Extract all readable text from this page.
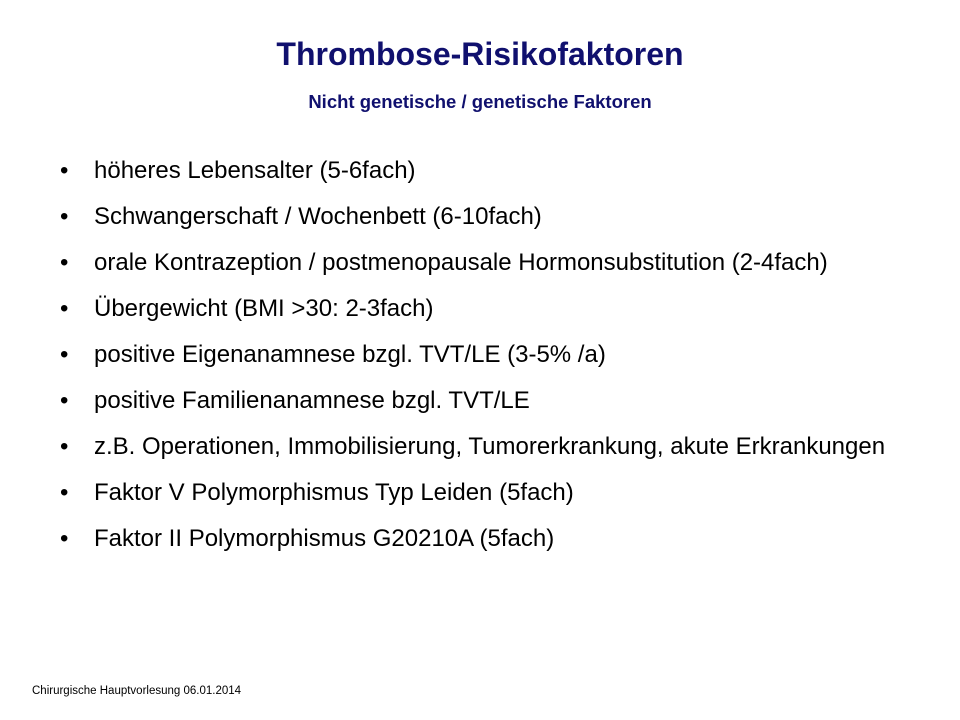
Thrombose-Risikofaktoren
Nicht genetische / genetische Faktoren
•	höheres Lebensalter (5-6fach)
•	Schwangerschaft / Wochenbett (6-10fach)
•	orale Kontrazeption / postmenopausale Hormonsubstitution (2-4fach)
•	Übergewicht (BMI >30: 2-3fach)
•	positive Eigenanamnese bzgl. TVT/LE (3-5% /a)
•	positive Familienanamnese bzgl. TVT/LE
•	z.B. Operationen, Immobilisierung, Tumorerkrankung, akute Erkrankungen
•	Faktor V Polymorphismus Typ Leiden (5fach)
•	Faktor II Polymorphismus G20210A (5fach)
Chirurgische Hauptvorlesung 06.01.2014
